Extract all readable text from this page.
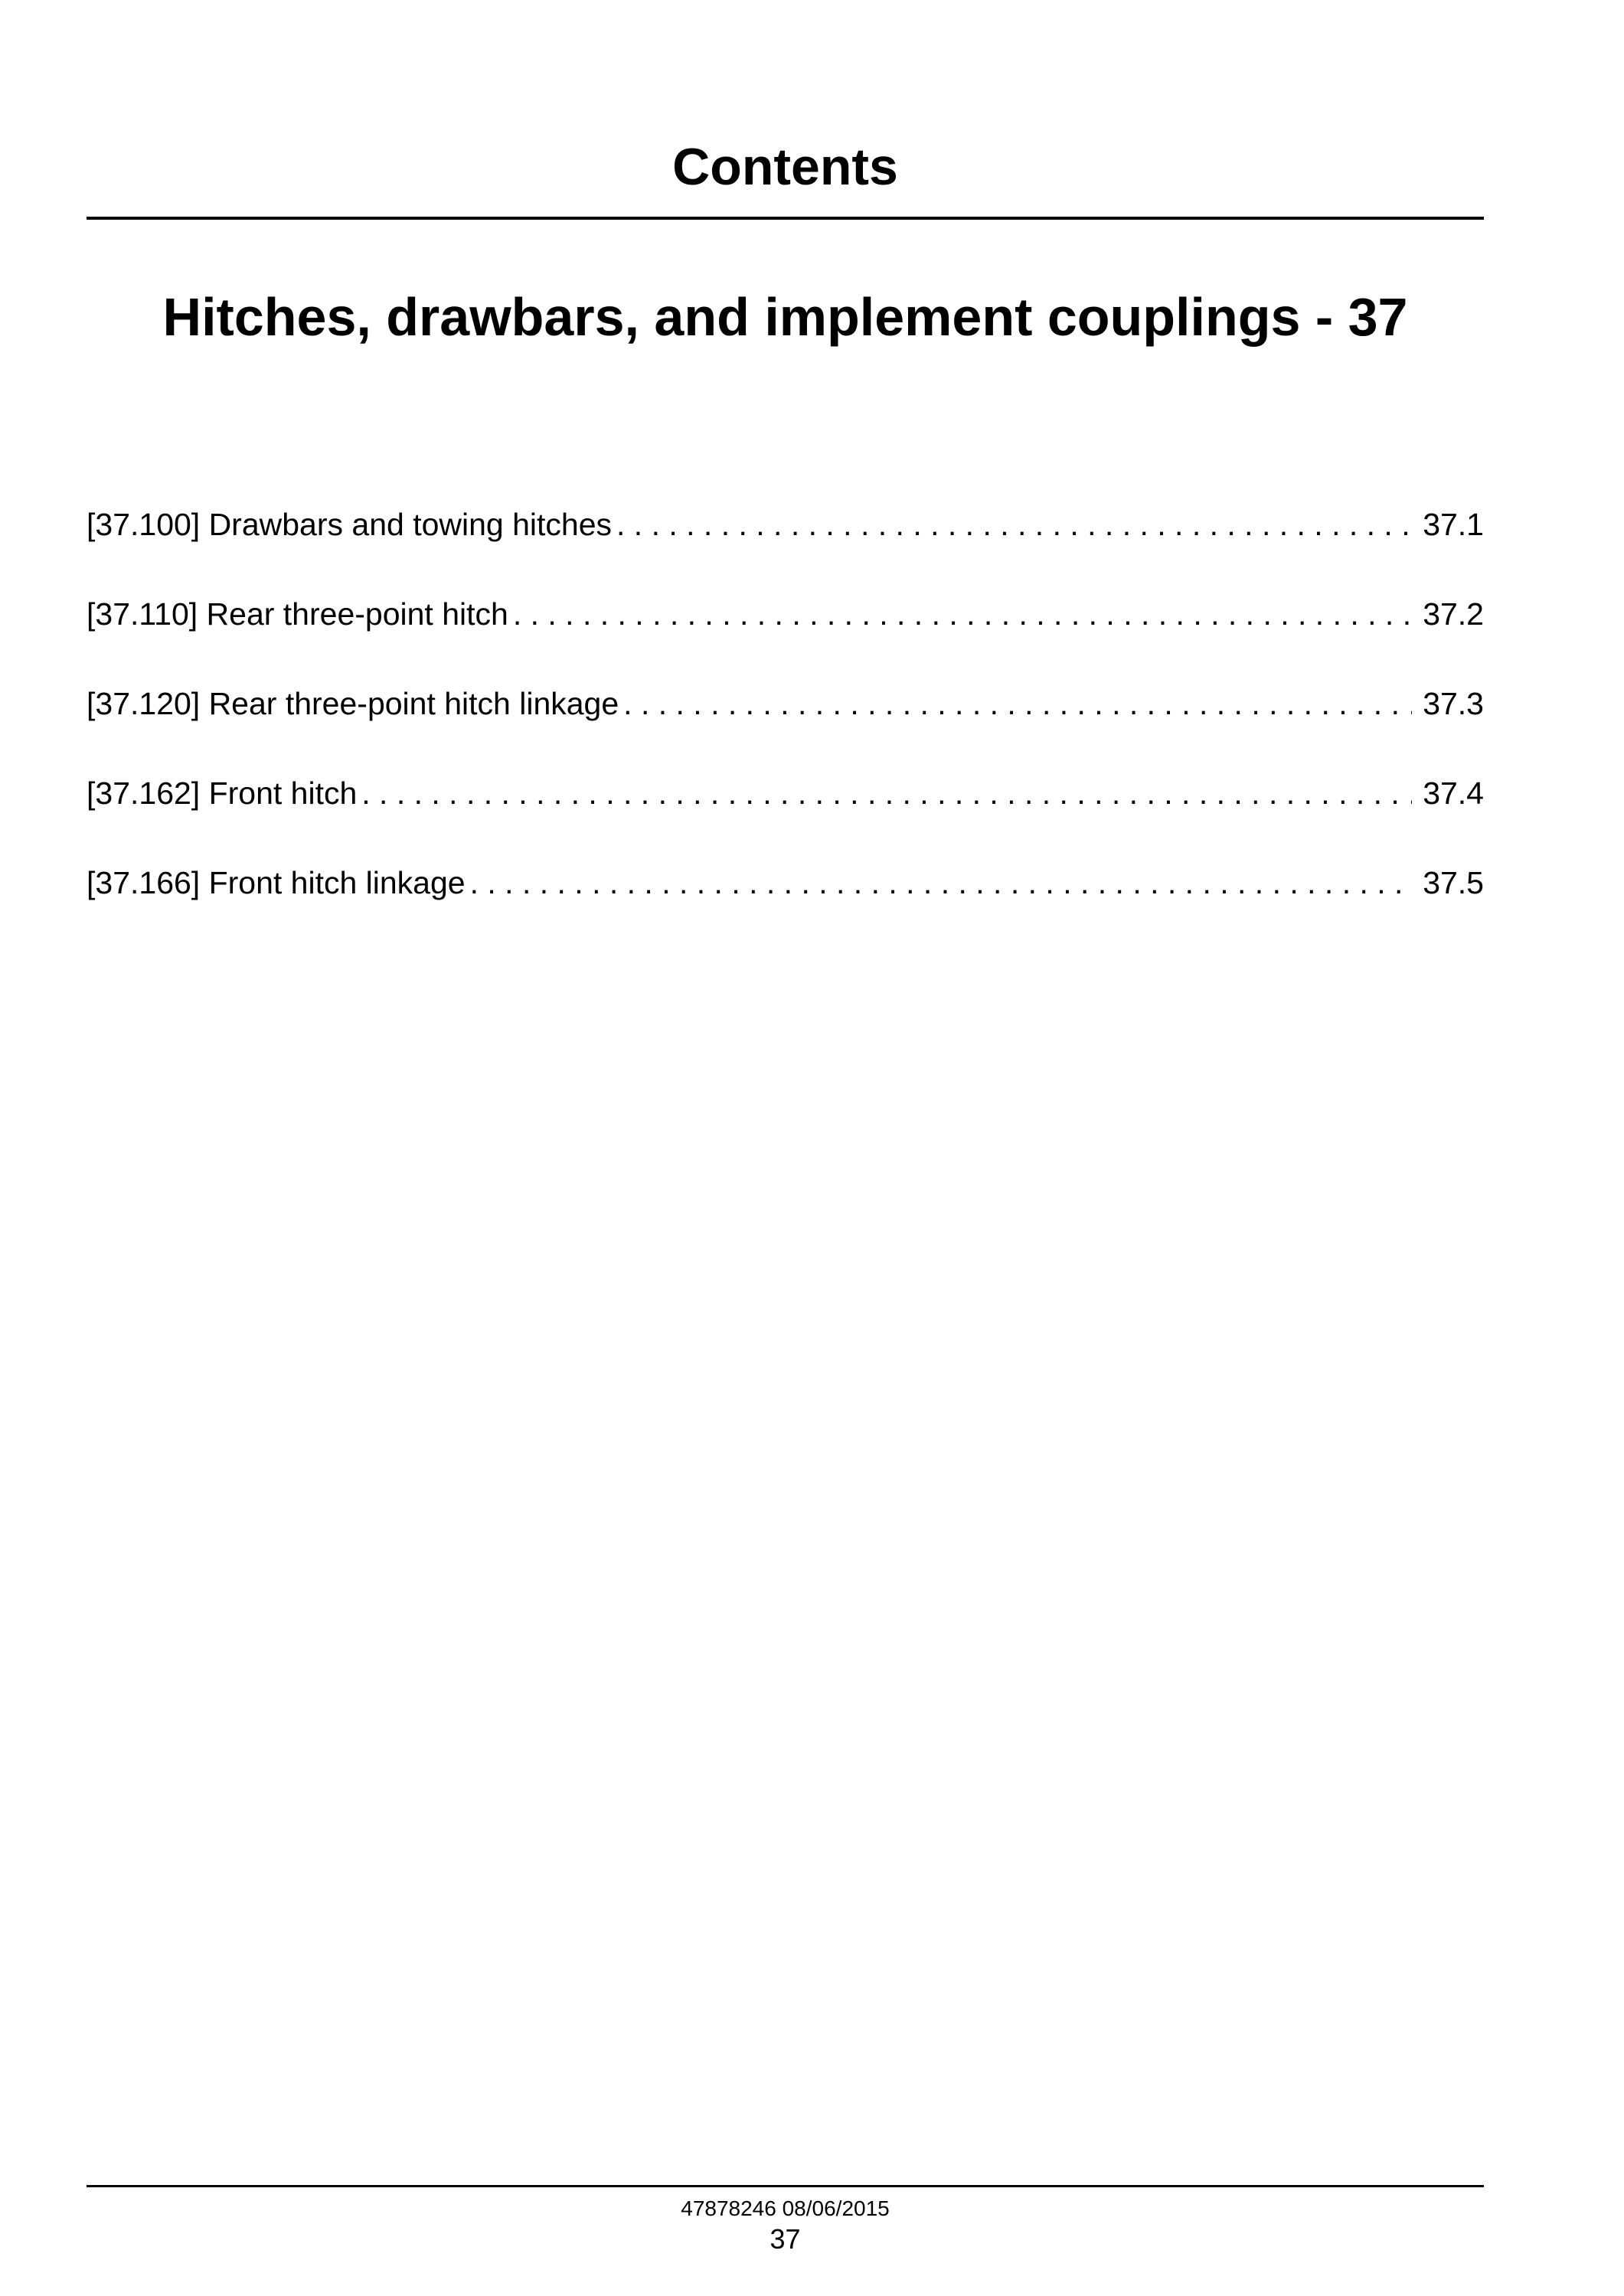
Contents
Hitches, drawbars, and implement couplings - 37
[37.100] Drawbars and towing hitches . . .	37.1
[37.110] Rear three-point hitch . . .	37.2
[37.120] Rear three-point hitch linkage . . .	37.3
[37.162] Front hitch . . .	37.4
[37.166] Front hitch linkage . . .	37.5

47878246 08/06/2015

37
